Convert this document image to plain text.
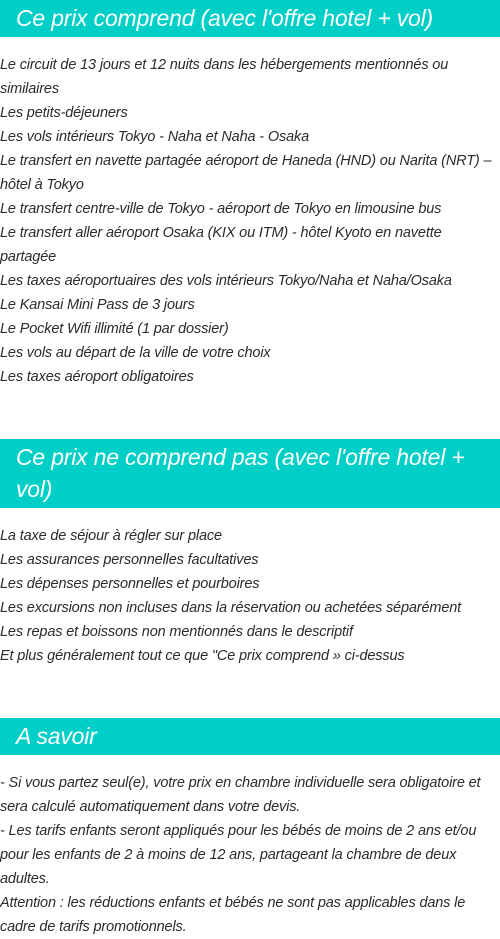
Ce prix comprend (avec l'offre hotel + vol)
Le circuit de 13 jours et 12 nuits dans les hébergements mentionnés ou similaires
Les petits-déjeuners
Les vols intérieurs Tokyo - Naha et Naha - Osaka
Le transfert en navette partagée aéroport de Haneda (HND) ou Narita (NRT) – hôtel à Tokyo
Le transfert centre-ville de Tokyo - aéroport de Tokyo en limousine bus
Le transfert aller aéroport Osaka (KIX ou ITM) - hôtel Kyoto en navette partagée
Les taxes aéroportuaires des vols intérieurs Tokyo/Naha et Naha/Osaka
Le Kansai Mini Pass de 3 jours
Le Pocket Wifi illimité (1 par dossier)
Les vols au départ de la ville de votre choix
Les taxes aéroport obligatoires
Ce prix ne comprend pas (avec l'offre hotel + vol)
La taxe de séjour à régler sur place
Les assurances personnelles facultatives
Les dépenses personnelles et pourboires
Les excursions non incluses dans la réservation ou achetées séparément
Les repas et boissons non mentionnés dans le descriptif
Et plus généralement tout ce que "Ce prix comprend » ci-dessus
A savoir
- Si vous partez seul(e), votre prix en chambre individuelle sera obligatoire et sera calculé automatiquement dans votre devis.
- Les tarifs enfants seront appliqués pour les bébés de moins de 2 ans et/ou pour les enfants de 2 à moins de 12 ans, partageant la chambre de deux adultes.
Attention : les réductions enfants et bébés ne sont pas applicables dans le cadre de tarifs promotionnels.
